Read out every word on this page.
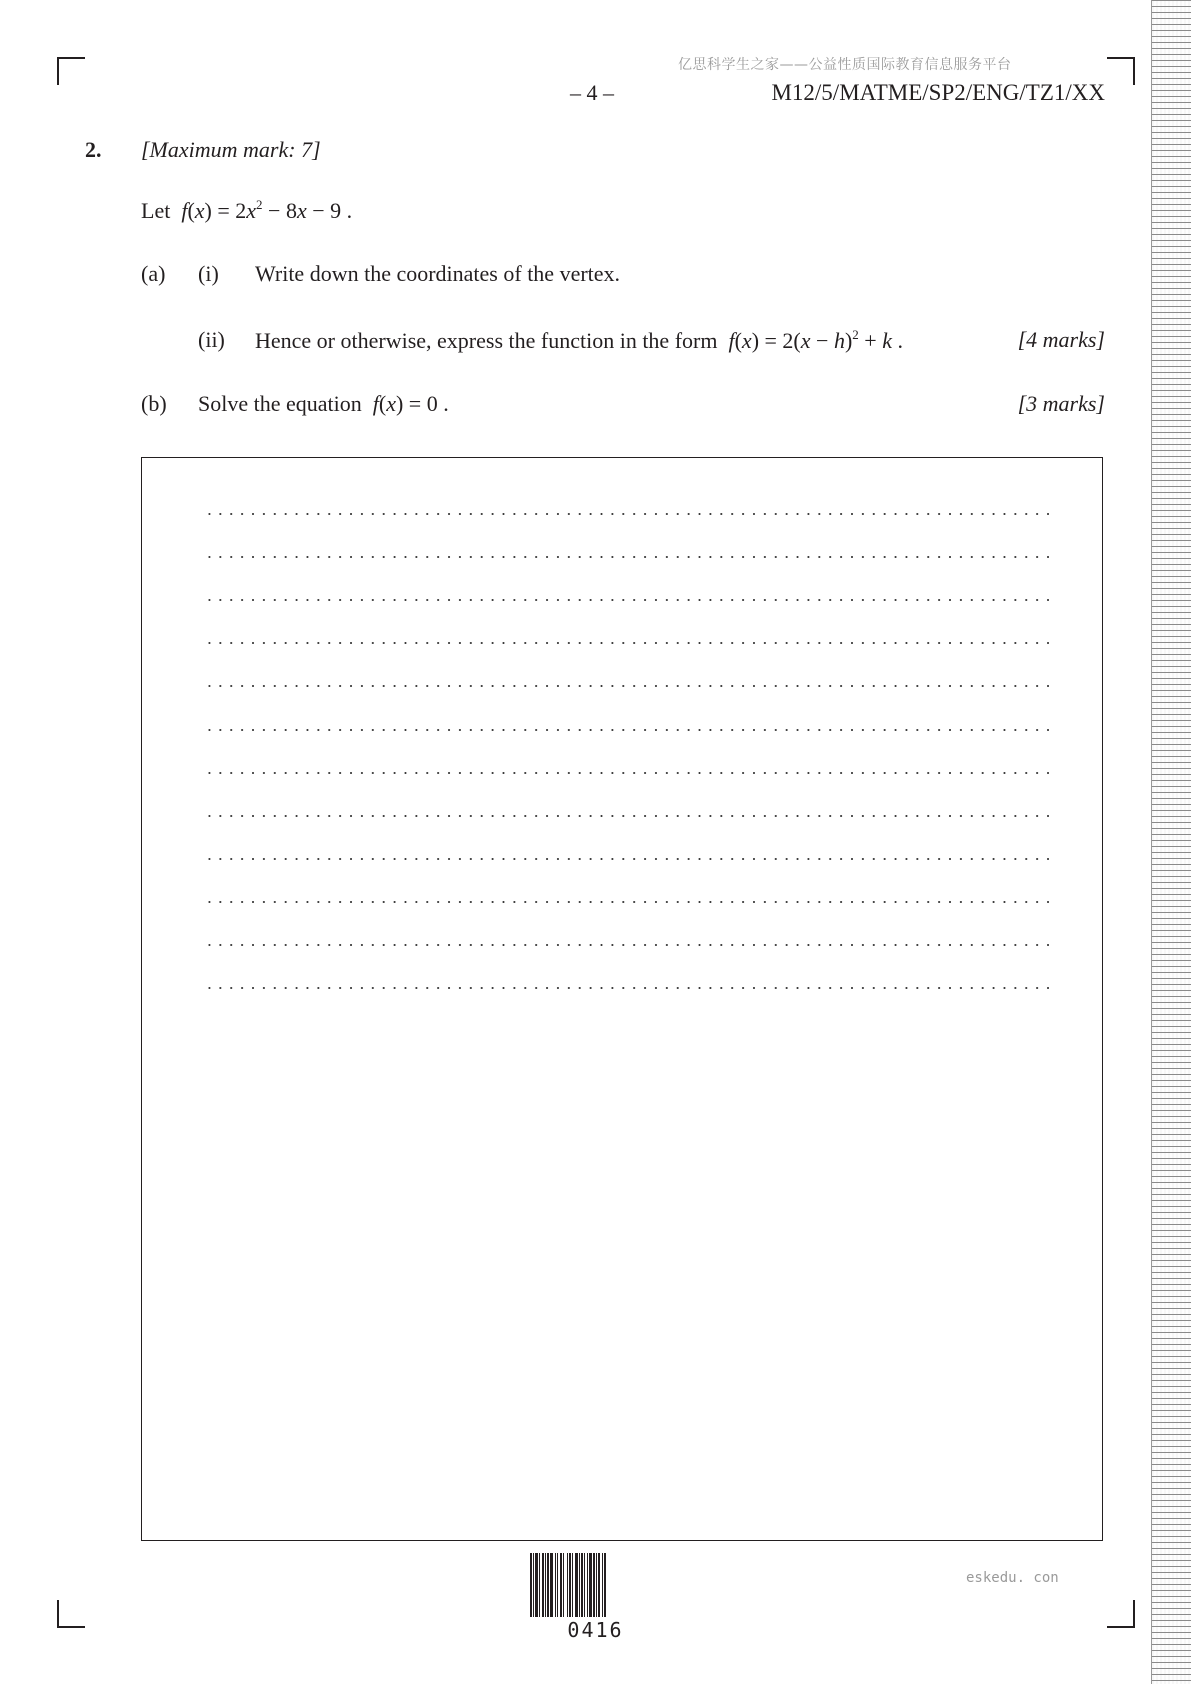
亿思科学生之家——公益性质国际教育信息服务平台
– 4 –	M12/5/MATME/SP2/ENG/TZ1/XX
2. [Maximum mark: 7]
Let $f(x) = 2x^2 - 8x - 9$ .
(a) (i) Write down the coordinates of the vertex.
(ii) Hence or otherwise, express the function in the form $f(x) = 2(x - h)^2 + k$ .	[4 marks]
(b) Solve the equation f(x) = 0 .	[3 marks]
0416
eskedu. con
